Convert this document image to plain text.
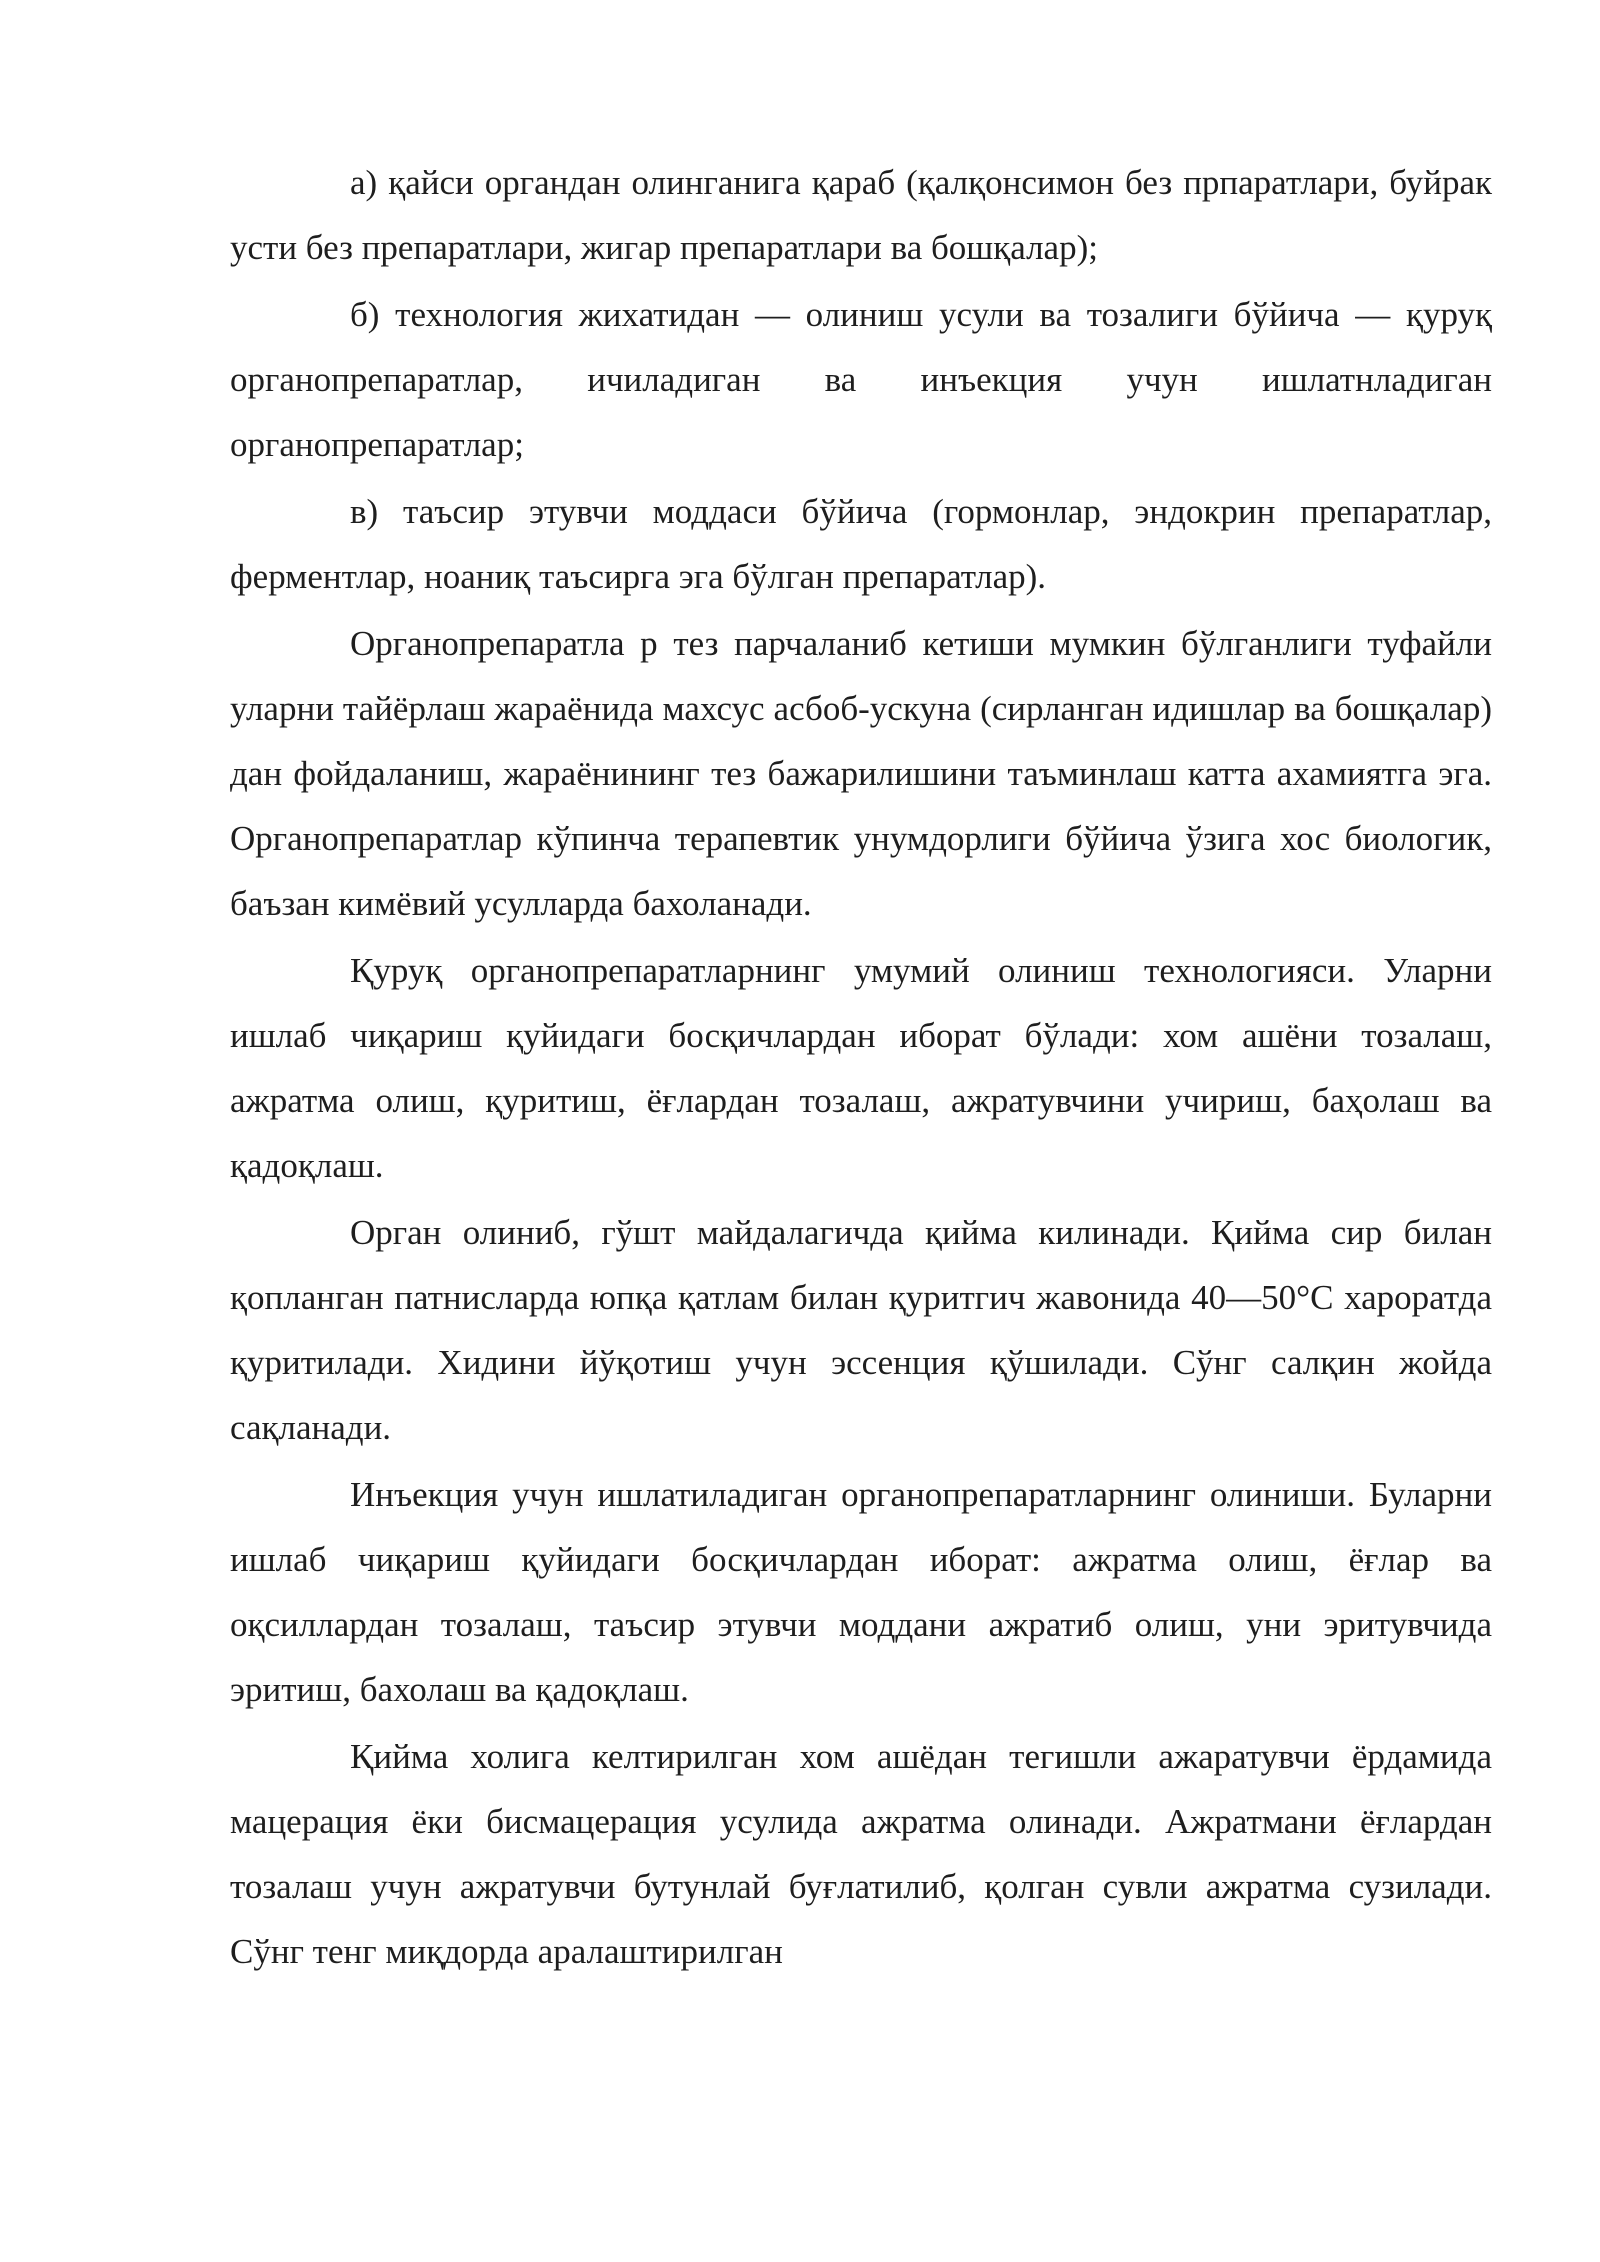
а) қайси органдан олинганига қараб (қалқонсимон без прпаратлари, буйрак усти без препаратлари, жигар препаратлари ва бошқалар);

б) технология жихатидан — олиниш усули ва тозалиги бўйича — қуруқ органопрепаратлар, ичиладиган ва инъекция учун ишлатнладиган органопрепаратлар;

в) таъсир этувчи моддаси бўйича (гормонлар, эндокрин препаратлар, ферментлар, ноаниқ таъсирга эга бўлган препаратлар).

Органопрепаратла р тез парчаланиб кетиши мумкин бўлганлиги туфайли уларни тайёрлаш жараёнида махсус асбоб-ускуна (сирланган идишлар ва бошқалар) дан фойдаланиш, жараёнининг тез бажарилишини таъминлаш катта ахамиятга эга. Органопрепаратлар кўпинча терапевтик унумдорлиги бўйича ўзига хос биологик, баъзан кимёвий усулларда бахоланади.

Қуруқ органопрепаратларнинг умумий олиниш технологияси. Уларни ишлаб чиқариш қуйидаги босқичлардан иборат бўлади: хом ашёни тозалаш, ажратма олиш, қуритиш, ёғлардан тозалаш, ажратувчини учириш, баҳолаш ва қадоқлаш.

Орган олиниб, гўшт майдалагичда қийма килинади. Қийма сир билан қопланган патнисларда юпқа қатлам билан қуритгич жавонида 40—50°С хароратда қуритилади. Хидини йўқотиш учун эссенция қўшилади. Сўнг салқин жойда сақланади.

Инъекция учун ишлатиладиган органопрепаратларнинг олиниши. Буларни ишлаб чиқариш қуйидаги босқичлардан иборат: ажратма олиш, ёғлар ва оқсиллардан тозалаш, таъсир этувчи моддани ажратиб олиш, уни эритувчида эритиш, бахолаш ва қадоқлаш.

Қийма холига келтирилган хом ашёдан тегишли ажаратувчи ёрдамида мацерация ёки бисмацерация усулида ажратма олинади. Ажратмани ёғлардан тозалаш учун ажратувчи бутунлай буғлатилиб, қолган сувли ажратма сузилади. Сўнг тенг миқдорда аралаштирилган
